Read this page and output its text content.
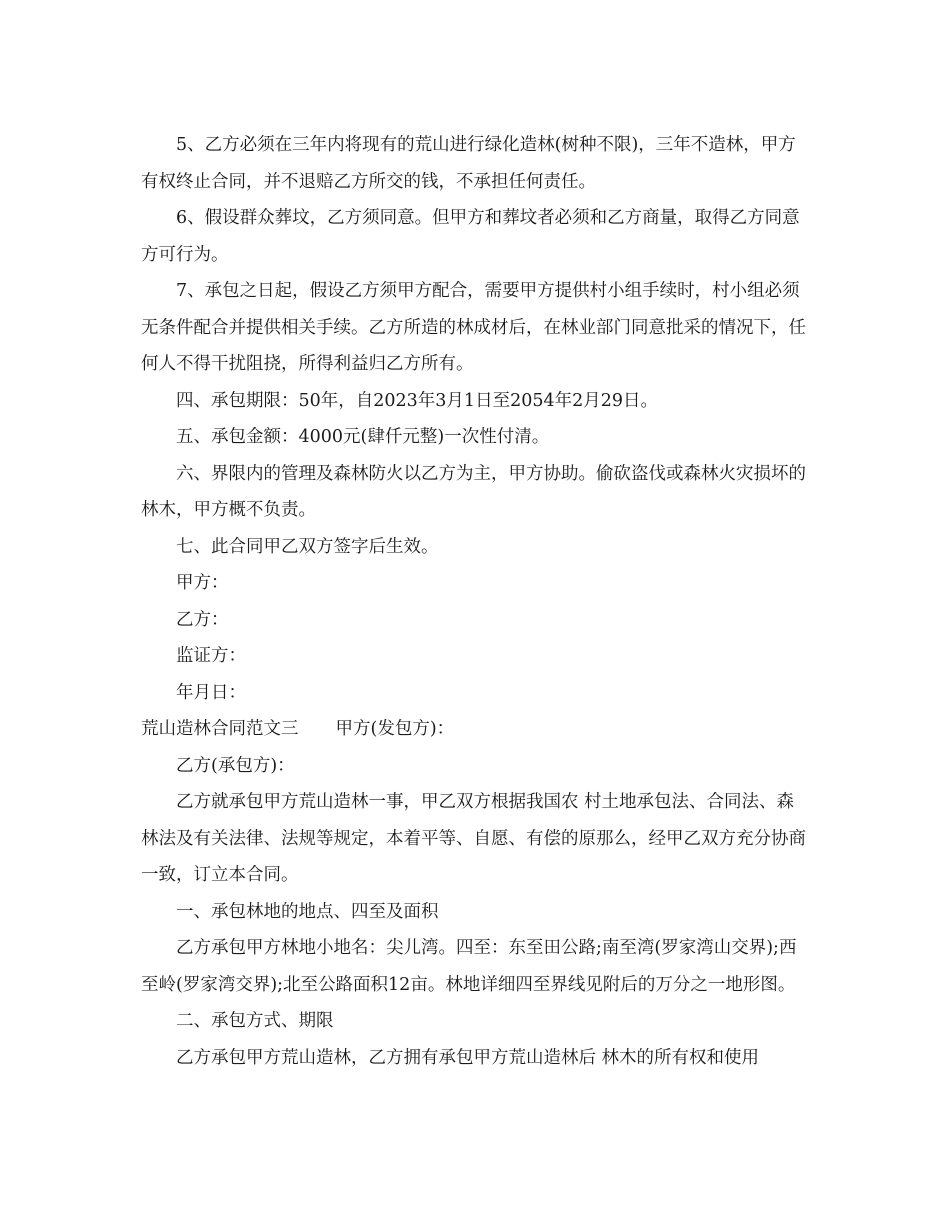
5、乙方必须在三年内将现有的荒山进行绿化造林(树种不限)，三年不造林，甲方有权终止合同，并不退赔乙方所交的钱，不承担任何责任。

6、假设群众葬坟，乙方须同意。但甲方和葬坟者必须和乙方商量，取得乙方同意方可行为。

7、承包之日起，假设乙方须甲方配合，需要甲方提供村小组手续时，村小组必须无条件配合并提供相关手续。乙方所造的林成材后，在林业部门同意批采的情况下，任何人不得干扰阻挠，所得利益归乙方所有。

四、承包期限：50年，自2023年3月1日至2054年2月29日。

五、承包金额：4000元(肆仟元整)一次性付清。

六、界限内的管理及森林防火以乙方为主，甲方协助。偷砍盗伐或森林火灾损坏的林木，甲方概不负责。

七、此合同甲乙双方签字后生效。

甲方：

乙方：

监证方：

年月日：

荒山造林合同范文三 甲方(发包方)：

乙方(承包方)：

乙方就承包甲方荒山造林一事，甲乙双方根据我国农 村土地承包法、合同法、森林法及有关法律、法规等规定，本着平等、自愿、有偿的原那么，经甲乙双方充分协商一致，订立本合同。

一、承包林地的地点、四至及面积

乙方承包甲方林地小地名：尖儿湾。四至：东至田公路;南至湾(罗家湾山交界);西至岭(罗家湾交界);北至公路面积12亩。林地详细四至界线见附后的万分之一地形图。

二、承包方式、期限

乙方承包甲方荒山造林，乙方拥有承包甲方荒山造林后 林木的所有权和使用
